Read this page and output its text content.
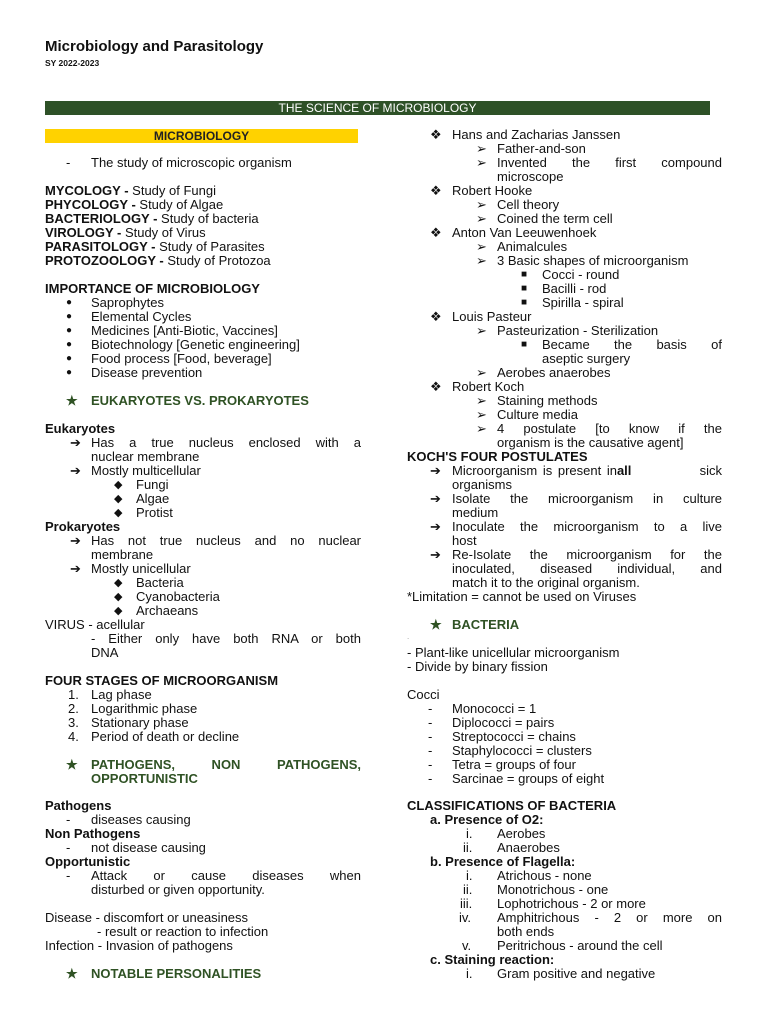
Microbiology and Parasitology
SY 2022-2023
THE SCIENCE OF MICROBIOLOGY
MICROBIOLOGY
- The study of microscopic organism
MYCOLOGY - Study of Fungi
PHYCOLOGY - Study of Algae
BACTERIOLOGY - Study of bacteria
VIROLOGY - Study of Virus
PARASITOLOGY - Study of Parasites
PROTOZOOLOGY - Study of Protozoa
IMPORTANCE OF MICROBIOLOGY
● Saprophytes
● Elemental Cycles
● Medicines [Anti-Biotic, Vaccines]
● Biotechnology [Genetic engineering]
● Food process [Food, beverage]
● Disease prevention
★ EUKARYOTES VS. PROKARYOTES
Eukaryotes
➔ Has a true nucleus enclosed with a
nuclear membrane
➔ Mostly multicellular
◆ Fungi
◆ Algae
◆ Protist
Prokaryotes
➔ Has not true nucleus and no nuclear
membrane
➔ Mostly unicellular
◆ Bacteria
◆ Cyanobacteria
◆ Archaeans
VIRUS - acellular
- Either only have both RNA or both
DNA
FOUR STAGES OF MICROORGANISM
1. Lag phase
2. Logarithmic phase
3. Stationary phase
4. Period of death or decline
★ PATHOGENS, NON PATHOGENS,
OPPORTUNISTIC
Pathogens
- diseases causing
Non Pathogens
- not disease causing
Opportunistic
- Attack or cause diseases when
disturbed or given opportunity.
Disease - discomfort or uneasiness
- result or reaction to infection
Infection - Invasion of pathogens
★ NOTABLE PERSONALITIES
❖ Hans and Zacharias Janssen
➢ Father-and-son
➢ Invented the first compound
microscope
❖ Robert Hooke
➢ Cell theory
➢ Coined the term cell
❖ Anton Van Leeuwenhoek
➢ Animalcules
➢ 3 Basic shapes of microorganism
■ Cocci - round
■ Bacilli - rod
■ Spirilla - spiral
❖ Louis Pasteur
➢ Pasteurization - Sterilization
■ Became the basis of
aseptic surgery
➢ Aerobes anaerobes
❖ Robert Koch
➢ Staining methods
➢ Culture media
➢ 4 postulate [to know if the
organism is the causative agent]
KOCH'S FOUR POSTULATES
➔ Microorganism is present in all	sick
organisms
➔ Isolate the microorganism in culture
medium
➔ Inoculate the microorganism to a live
host
➔ Re-Isolate the microorganism for the
inoculated, diseased individual, and
match it to the original organism.
*Limitation = cannot be used on Viruses
★ BACTERIA
.
- Plant-like unicellular microorganism
- Divide by binary fission
Cocci
- Monococci = 1
- Diplococci = pairs
- Streptococci = chains
- Staphylococci = clusters
- Tetra = groups of four
- Sarcinae = groups of eight
CLASSIFICATIONS OF BACTERIA
a. Presence of O2:
i. Aerobes
ii. Anaerobes
b. Presence of Flagella:
i. Atrichous - none
ii. Monotrichous - one
iii. Lophotrichous - 2 or more
iv. Amphitrichous - 2 or more on
both ends
v. Peritrichous - around the cell
c. Staining reaction:
i. Gram positive and negative
